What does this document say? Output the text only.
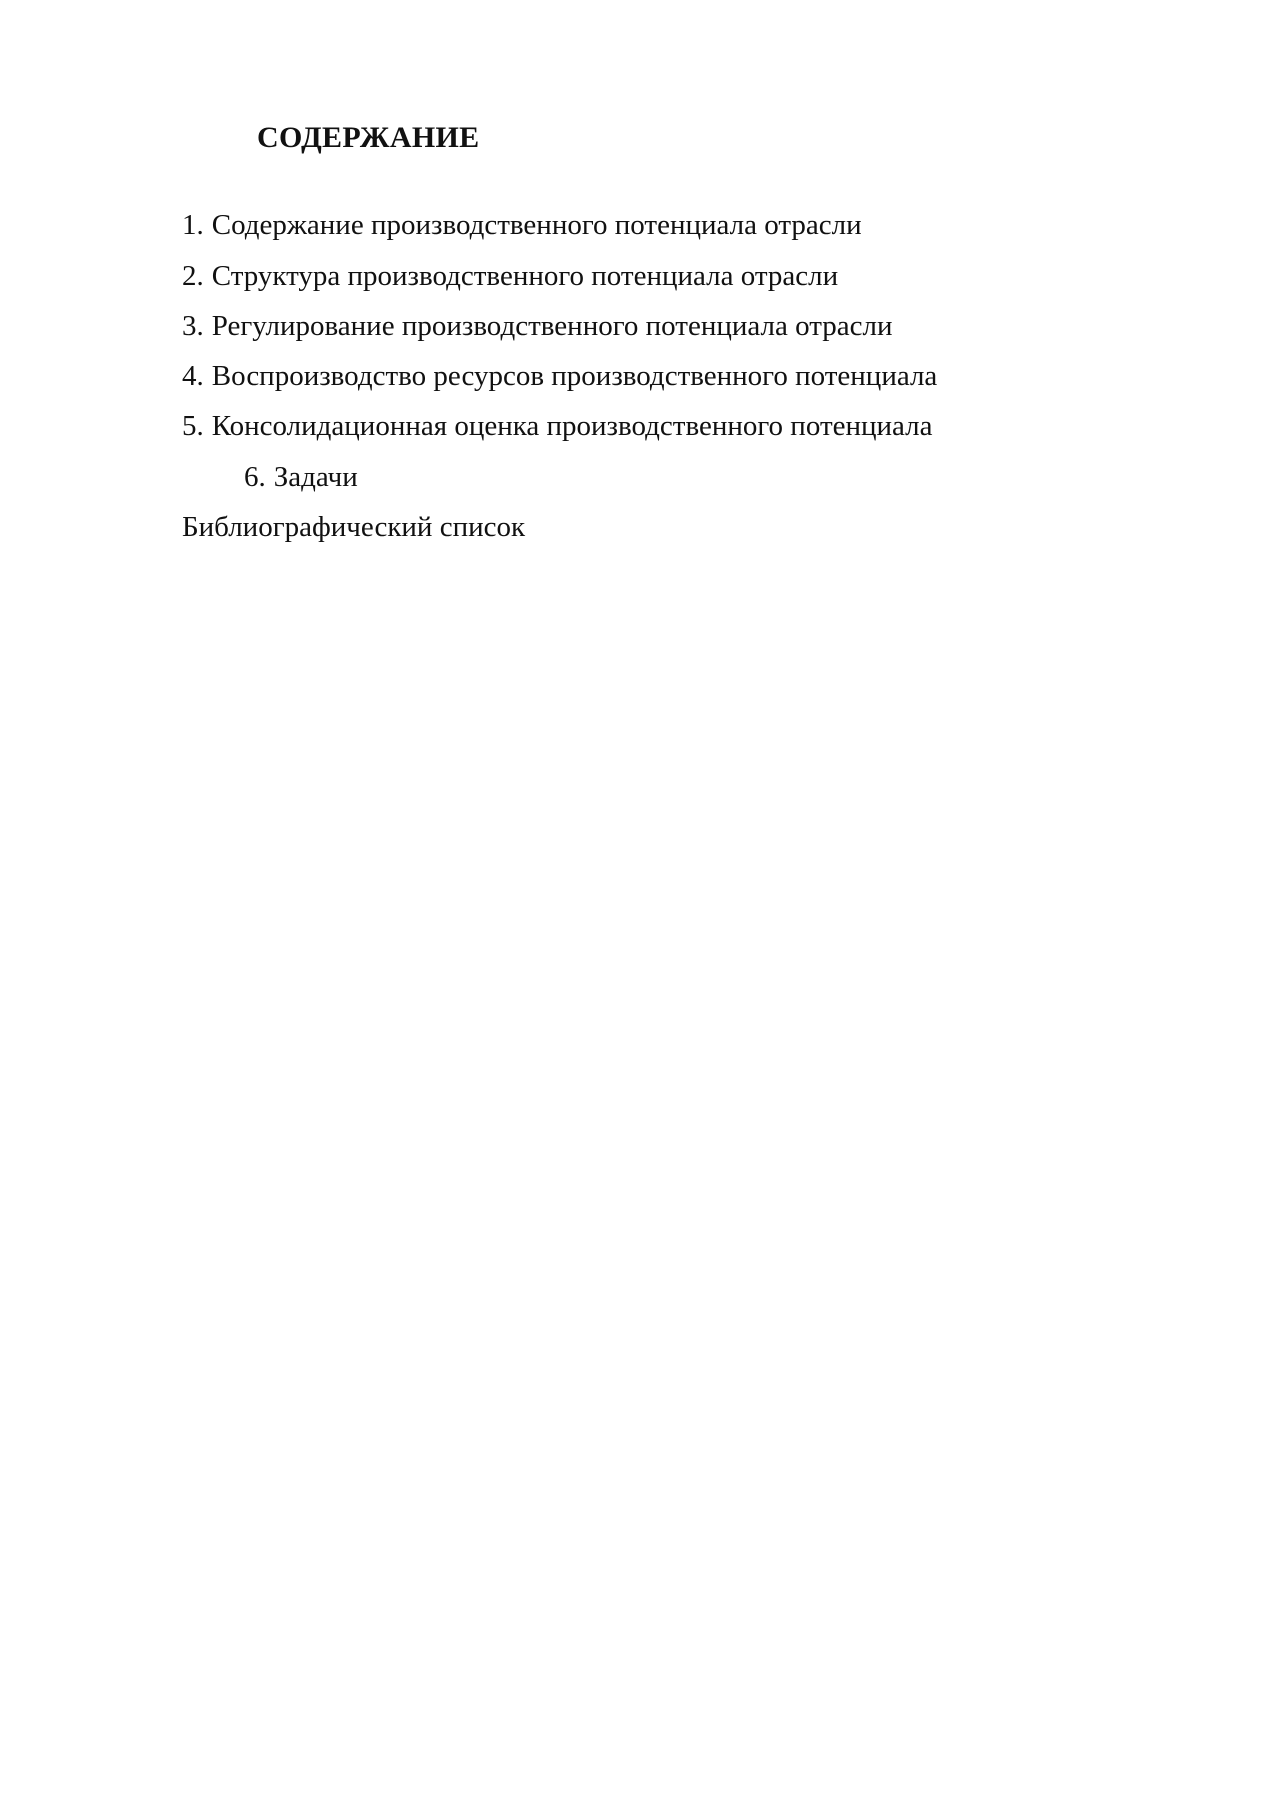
СОДЕРЖАНИЕ
1. Содержание производственного потенциала отрасли
2. Структура производственного потенциала отрасли
3. Регулирование производственного потенциала отрасли
4. Воспроизводство ресурсов производственного потенциала
5. Консолидационная оценка производственного потенциала
6. Задачи
Библиографический список
